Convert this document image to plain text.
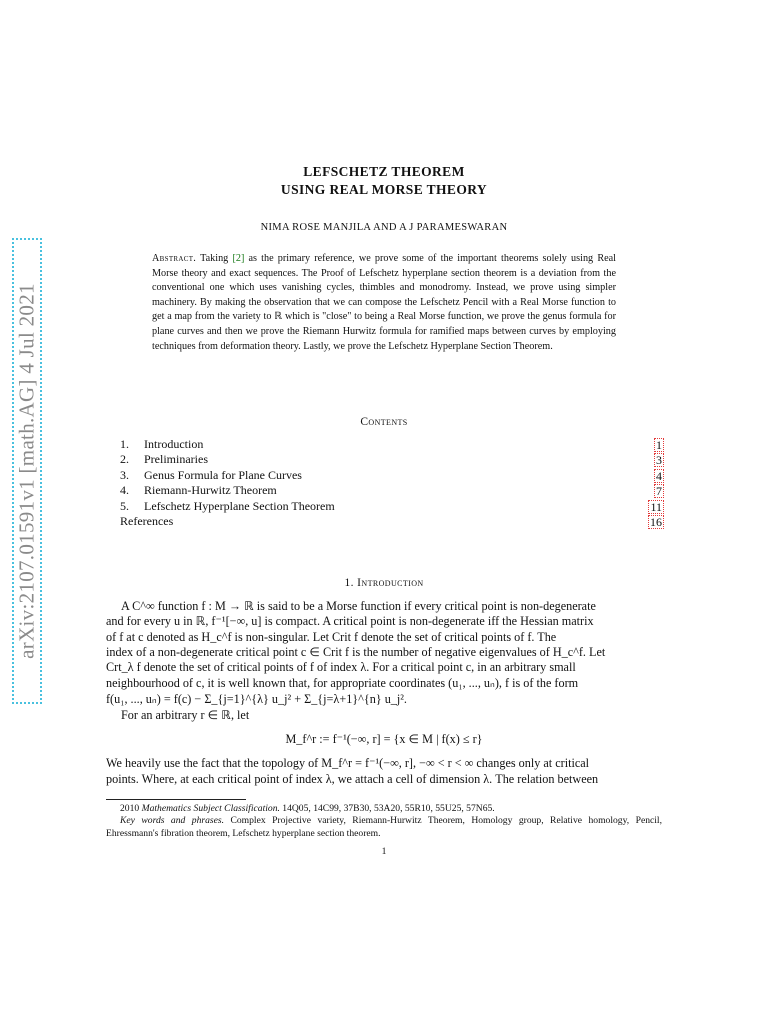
arXiv:2107.01591v1 [math.AG] 4 Jul 2021
LEFSCHETZ THEOREM
USING REAL MORSE THEORY
NIMA ROSE MANJILA AND A J PARAMESWARAN
Abstract. Taking [2] as the primary reference, we prove some of the important theorems solely using Real Morse theory and exact sequences. The Proof of Lefschetz hyperplane section theorem is a deviation from the conventional one which uses vanishing cycles, thimbles and monodromy. Instead, we prove using simpler machinery. By making the observation that we can compose the Lefschetz Pencil with a Real Morse function to get a map from the variety to ℝ which is "close" to being a Real Morse function, we prove the genus formula for plane curves and then we prove the Riemann Hurwitz formula for ramified maps between curves by employing techniques from deformation theory. Lastly, we prove the Lefschetz Hyperplane Section Theorem.
Contents
1. Introduction	1
2. Preliminaries	3
3. Genus Formula for Plane Curves	4
4. Riemann-Hurwitz Theorem	7
5. Lefschetz Hyperplane Section Theorem	11
References	16
1. Introduction
A C^∞ function f : M → ℝ is said to be a Morse function if every critical point is non-degenerate
and for every u in ℝ, f⁻¹[−∞, u] is compact. A critical point is non-degenerate iff the Hessian matrix
of f at c denoted as H_c^f is non-singular. Let Crit f denote the set of critical points of f. The
index of a non-degenerate critical point c ∈ Crit f is the number of negative eigenvalues of H_c^f. Let
Crt_λ f denote the set of critical points of f of index λ. For a critical point c, in an arbitrary small
neighbourhood of c, it is well known that, for appropriate coordinates (u₁, ..., uₙ), f is of the form
f(u₁, ..., uₙ) = f(c) − Σ_{j=1}^{λ} u_j² + Σ_{j=λ+1}^{n} u_j².
For an arbitrary r ∈ ℝ, let
M_f^r := f⁻¹(−∞, r] = {x ∈ M | f(x) ≤ r}
We heavily use the fact that the topology of M_f^r = f⁻¹(−∞, r], −∞ < r < ∞ changes only at critical
points. Where, at each critical point of index λ, we attach a cell of dimension λ. The relation between
2010 Mathematics Subject Classification. 14Q05, 14C99, 37B30, 53A20, 55R10, 55U25, 57N65.
Key words and phrases. Complex Projective variety, Riemann-Hurwitz Theorem, Homology group, Relative homology, Pencil, Ehressmann's fibration theorem, Lefschetz hyperplane section theorem.
1
